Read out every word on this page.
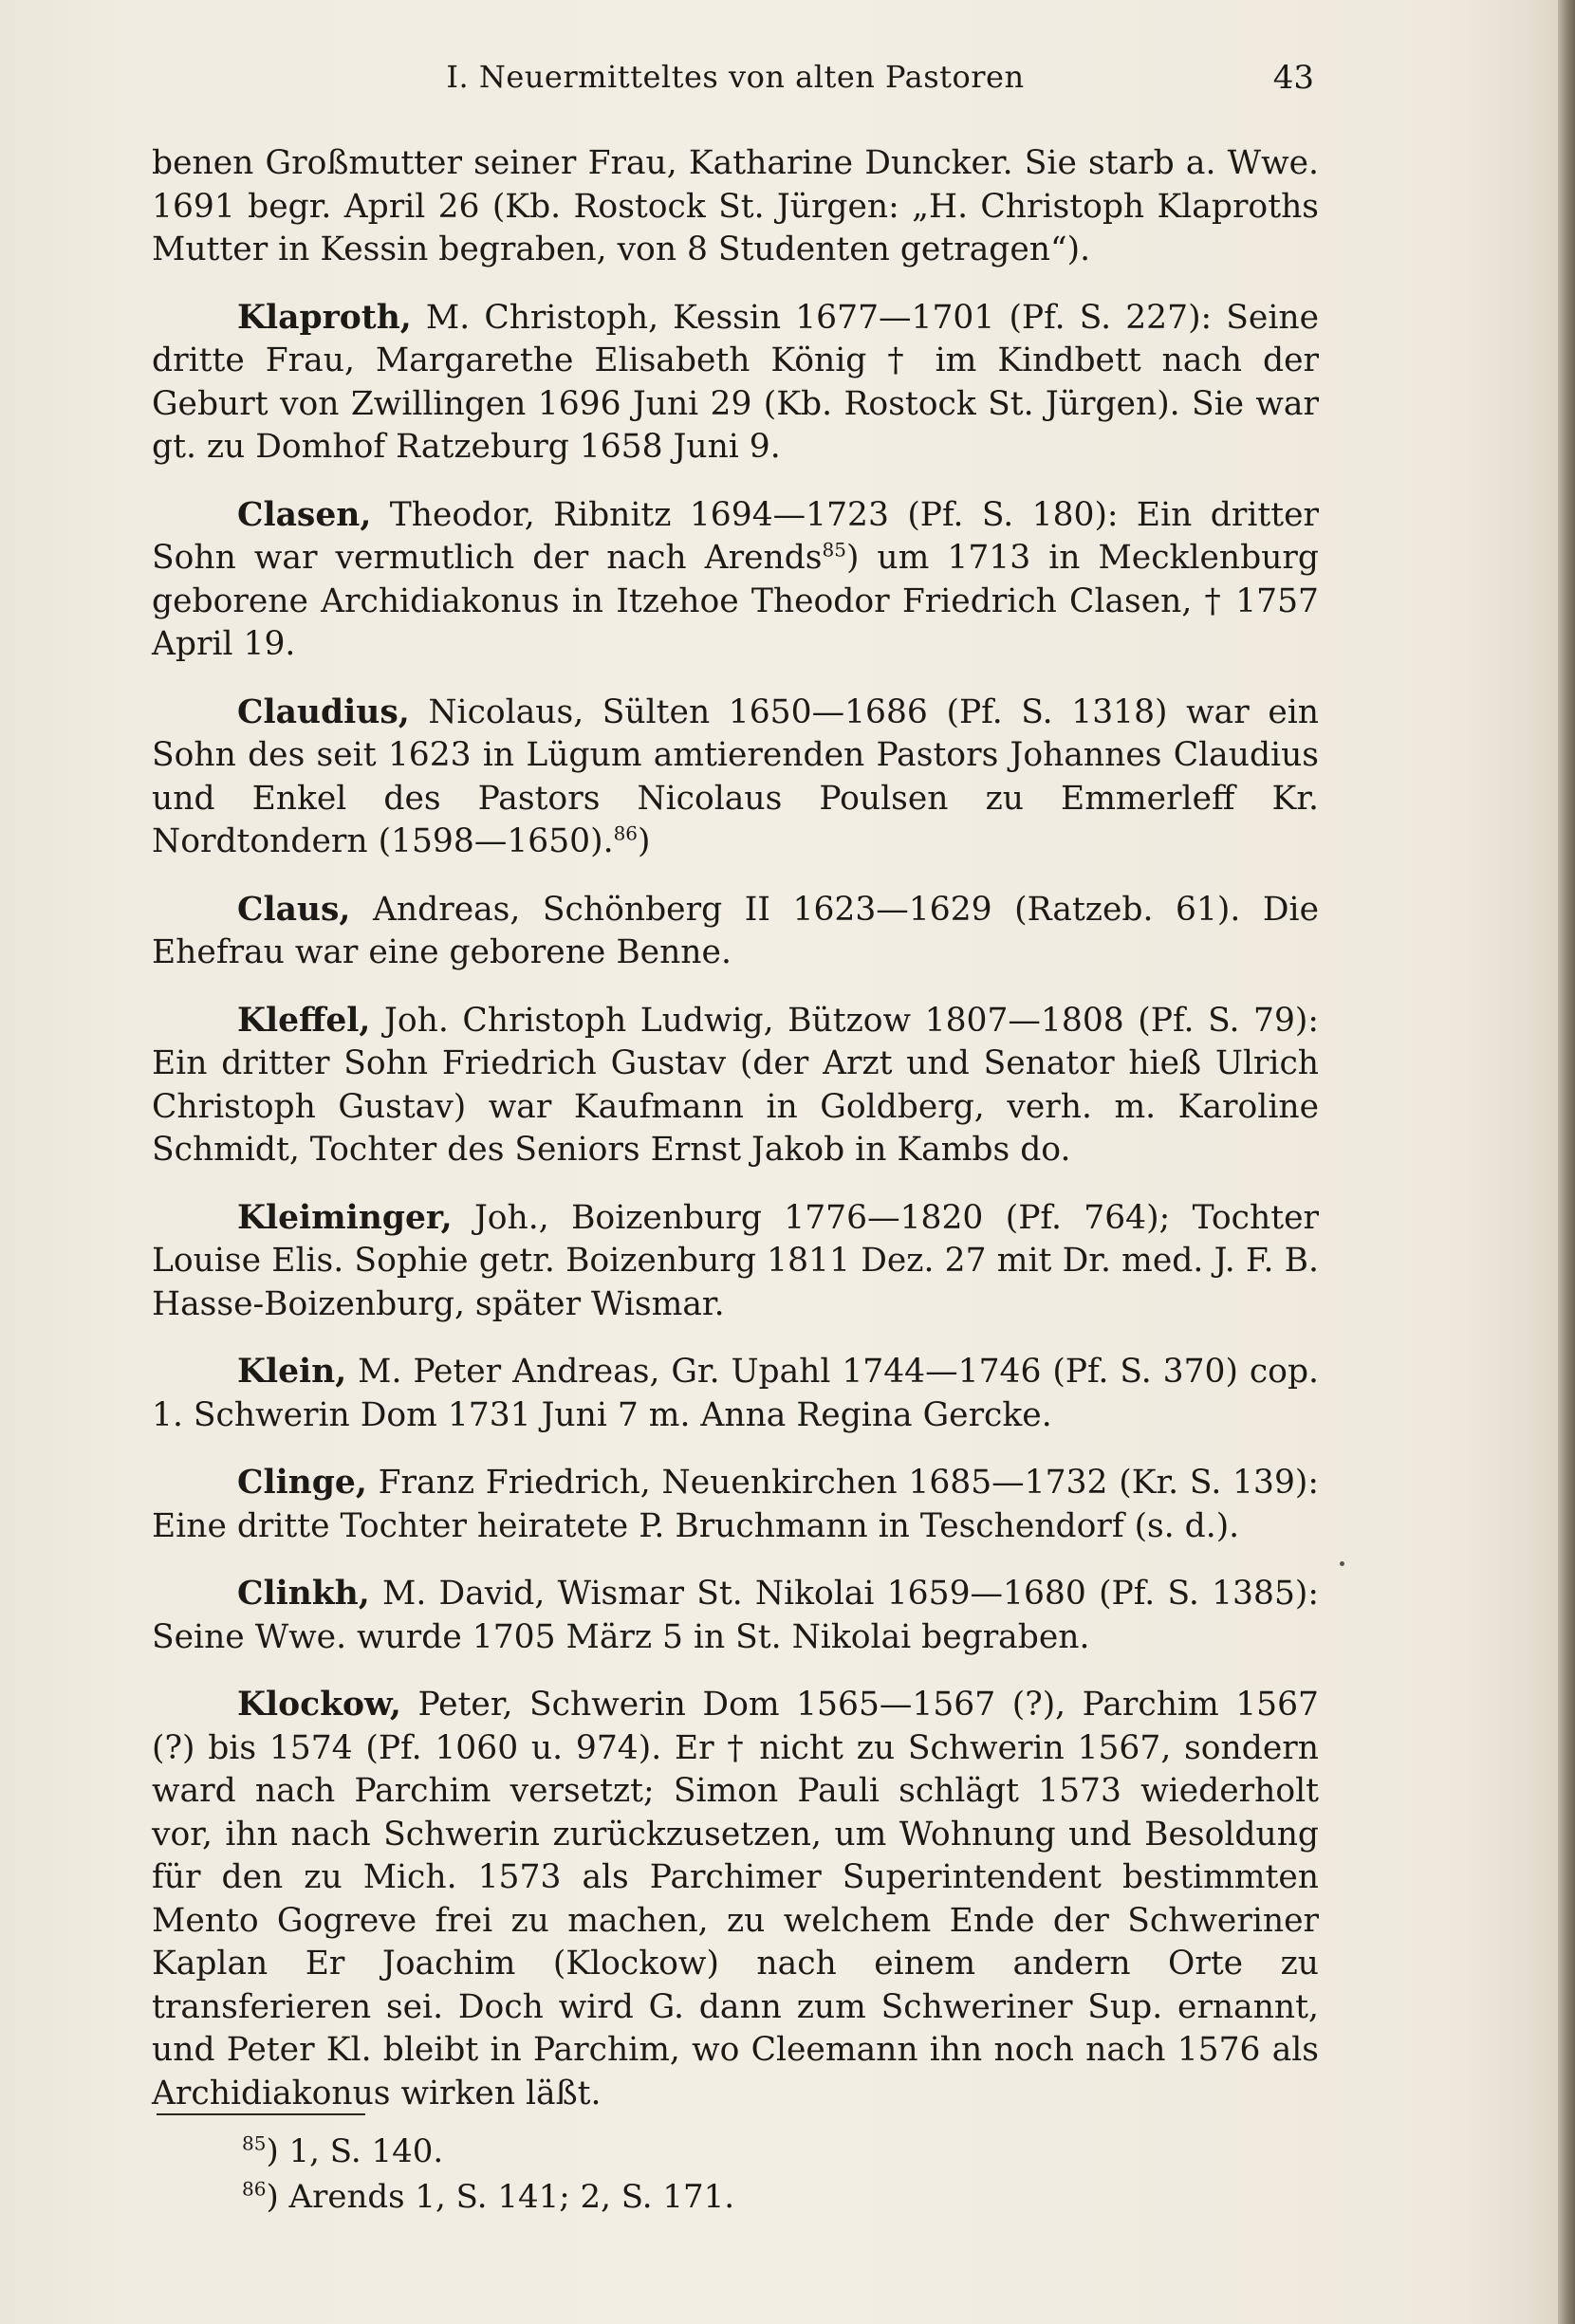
I. Neuermitteltes von alten Pastoren	43

benen Großmutter seiner Frau, Katharine Duncker. Sie starb a. Wwe. 1691 begr. April 26 (Kb. Rostock St. Jürgen: „H. Christoph Klaproths Mutter in Kessin begraben, von 8 Studenten getragen“).

Klaproth, M. Christoph, Kessin 1677—1701 (Pf. S. 227): Seine dritte Frau, Margarethe Elisabeth König † im Kindbett nach der Geburt von Zwillingen 1696 Juni 29 (Kb. Rostock St. Jürgen). Sie war gt. zu Domhof Ratzeburg 1658 Juni 9.

Clasen, Theodor, Ribnitz 1694—1723 (Pf. S. 180): Ein dritter Sohn war vermutlich der nach Arends$^{85}$) um 1713 in Mecklenburg geborene Archidiakonus in Itzehoe Theodor Friedrich Clasen, † 1757 April 19.

Claudius, Nicolaus, Sülten 1650—1686 (Pf. S. 1318) war ein Sohn des seit 1623 in Lügum amtierenden Pastors Johannes Claudius und Enkel des Pastors Nicolaus Poulsen zu Emmerleff Kr. Nordtondern (1598—1650).$^{86}$)

Claus, Andreas, Schönberg II 1623—1629 (Ratzeb. 61). Die Ehefrau war eine geborene Benne.

Kleffel, Joh. Christoph Ludwig, Bützow 1807—1808 (Pf. S. 79): Ein dritter Sohn Friedrich Gustav (der Arzt und Senator hieß Ulrich Christoph Gustav) war Kaufmann in Goldberg, verh. m. Karoline Schmidt, Tochter des Seniors Ernst Jakob in Kambs do.

Kleiminger, Joh., Boizenburg 1776—1820 (Pf. 764); Tochter Louise Elis. Sophie getr. Boizenburg 1811 Dez. 27 mit Dr. med. J. F. B. Hasse-Boizenburg, später Wismar.

Klein, M. Peter Andreas, Gr. Upahl 1744—1746 (Pf. S. 370) cop. 1. Schwerin Dom 1731 Juni 7 m. Anna Regina Gercke.

Clinge, Franz Friedrich, Neuenkirchen 1685—1732 (Kr. S. 139): Eine dritte Tochter heiratete P. Bruchmann in Teschendorf (s. d.).

Clinkh, M. David, Wismar St. Nikolai 1659—1680 (Pf. S. 1385): Seine Wwe. wurde 1705 März 5 in St. Nikolai begraben.

Klockow, Peter, Schwerin Dom 1565—1567 (?), Parchim 1567 (?) bis 1574 (Pf. 1060 u. 974). Er † nicht zu Schwerin 1567, sondern ward nach Parchim versetzt; Simon Pauli schlägt 1573 wiederholt vor, ihn nach Schwerin zurückzusetzen, um Wohnung und Besoldung für den zu Mich. 1573 als Parchimer Superintendent bestimmten Mento Gogreve frei zu machen, zu welchem Ende der Schweriner Kaplan Er Joachim (Klockow) nach einem andern Orte zu transferieren sei. Doch wird G. dann zum Schweriner Sup. ernannt, und Peter Kl. bleibt in Parchim, wo Cleemann ihn noch nach 1576 als Archidiakonus wirken läßt.

$^{85}$) 1, S. 140.
$^{86}$) Arends 1, S. 141; 2, S. 171.
